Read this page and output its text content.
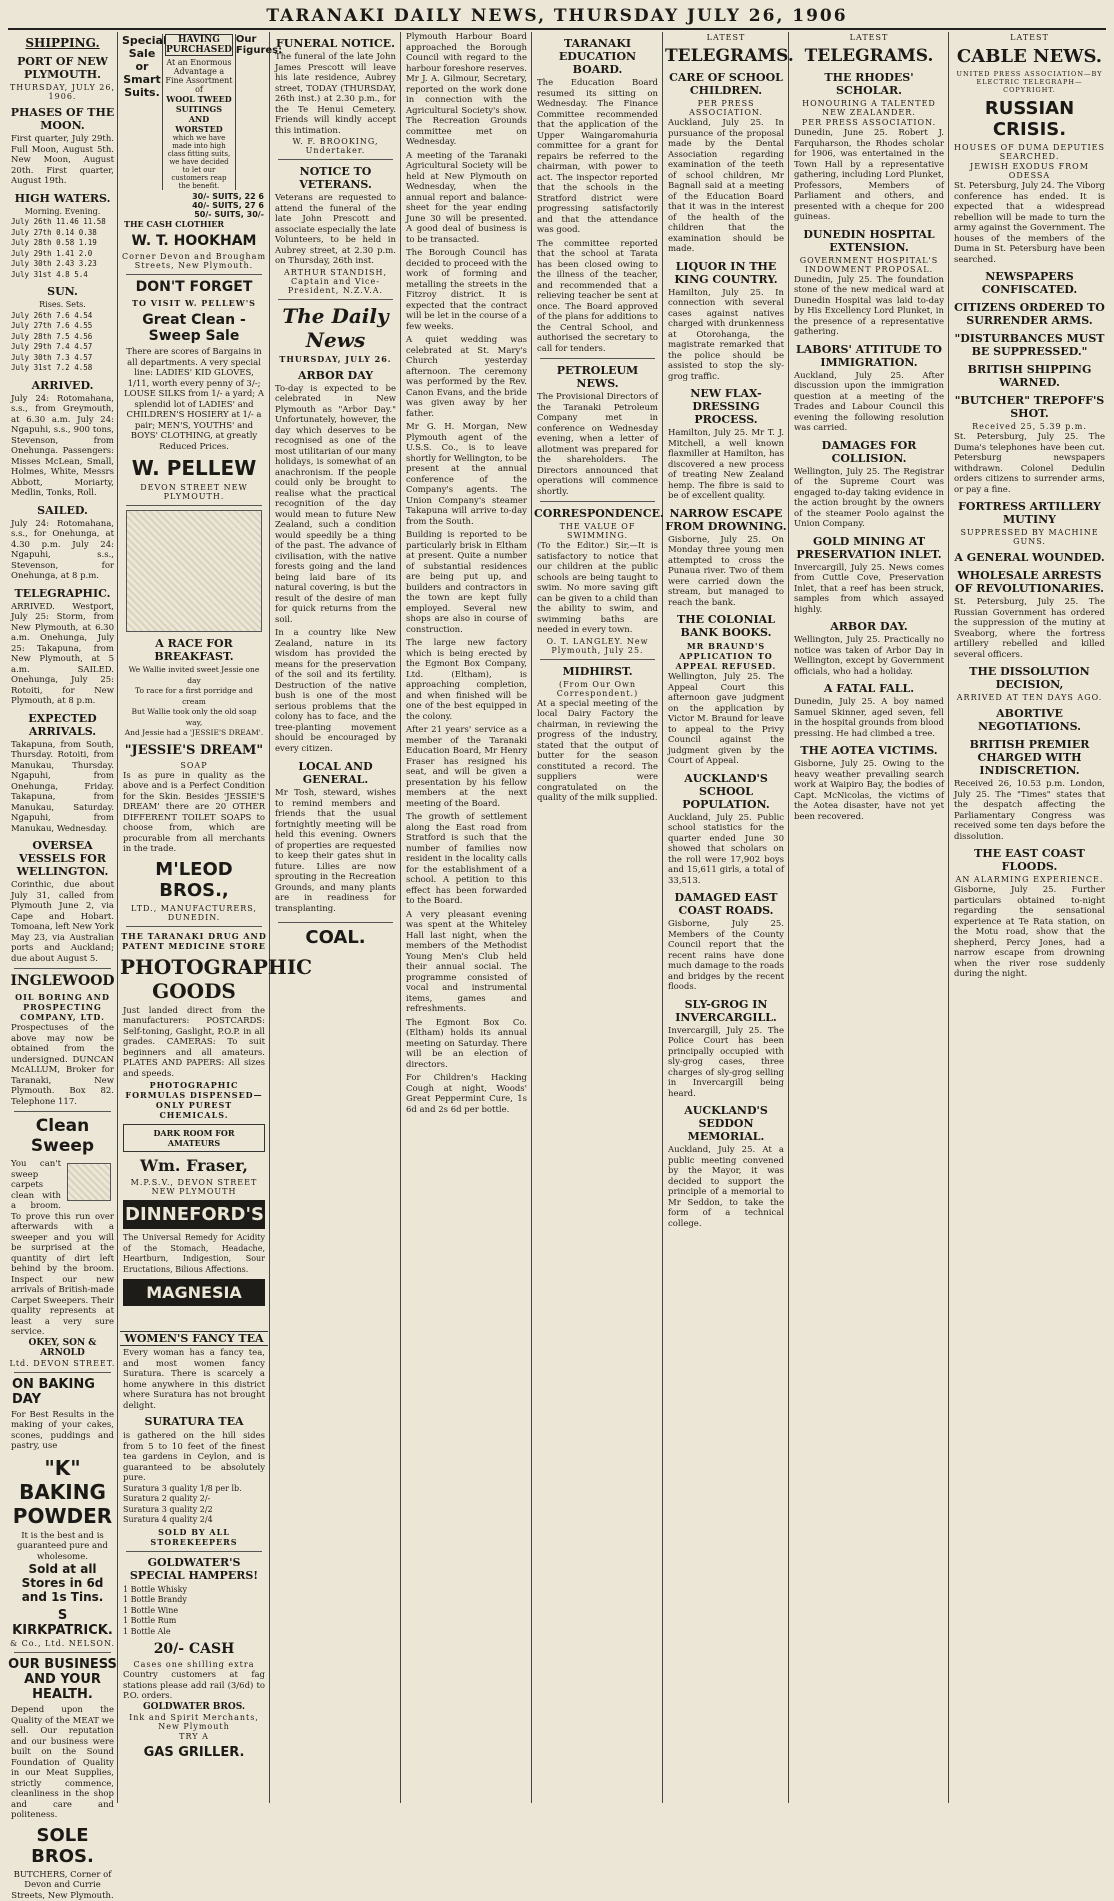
TARANAKI DAILY NEWS, THURSDAY JULY 26, 1906
SHIPPING.
PORT OF NEW PLYMOUTH.
THURSDAY, JULY 26, 1906.
PHASES OF THE MOON.
First quarter, July 29th. Full Moon, August 5th. New Moon, August 20th. First quarter, August 19th.
HIGH WATERS.
Morning. Evening.
July 26th 11.46 11.58
July 27th 0.14 0.38
July 28th 0.58 1.19
July 29th 1.41 2.0
July 30th 2.43 3.23
July 31st 4.8 5.4
SUN.
Rises. Sets.
July 26th 7.6 4.54
July 27th 7.6 4.55
July 28th 7.5 4.56
July 29th 7.4 4.57
July 30th 7.3 4.57
July 31st 7.2 4.58
ARRIVED.
July 24: Rotomahana, s.s., from Greymouth, at 6.30 a.m. July 24: Ngapuhi, s.s., 900 tons, Stevenson, from Onehunga. Passengers: Misses McLean, Small, Holmes, White, Messrs Abbott, Moriarty, Medlin, Tonks, Roll.
SAILED.
July 24: Rotomahana, s.s., for Onehunga, at 4.30 p.m. July 24: Ngapuhi, s.s., Stevenson, for Onehunga, at 8 p.m.
TELEGRAPHIC.
ARRIVED. Westport, July 25: Storm, from New Plymouth, at 6.30 a.m. Onehunga, July 25: Takapuna, from New Plymouth, at 5 a.m. SAILED. Onehunga, July 25: Rotoiti, for New Plymouth, at 8 p.m.
EXPECTED ARRIVALS.
Takapuna, from South, Thursday. Rotoiti, from Manukau, Thursday. Ngapuhi, from Onehunga, Friday. Takapuna, from Manukau, Saturday. Ngapuhi, from Manukau, Wednesday.
OVERSEA VESSELS FOR WELLINGTON.
Corinthic, due about July 31, called from Plymouth June 2, via Cape and Hobart. Tomoana, left New York May 23, via Australian ports and Auckland; due about August 5.
INGLEWOOD
OIL BORING AND PROSPECTING COMPANY, LTD.
Prospectuses of the above may now be obtained from the undersigned. DUNCAN McALLUM, Broker for Taranaki, New Plymouth. Box 82. Telephone 117.
Clean Sweep
You can't sweep carpets clean with a broom. To prove this run over afterwards with a sweeper and you will be surprised at the quantity of dirt left behind by the broom. Inspect our new arrivals of British-made Carpet Sweepers. Their quality represents at least a very sure service.
OKEY, SON & ARNOLD
Ltd. DEVON STREET.
ON BAKING DAY
For Best Results in the making of your cakes, scones, puddings and pastry, use
"K" BAKING POWDER
It is the best and is guaranteed pure and wholesome.
Sold at all Stores in 6d and 1s Tins.
S KIRKPATRICK.
& Co., Ltd. NELSON.
OUR BUSINESS AND YOUR HEALTH.
Depend upon the Quality of the MEAT we sell. Our reputation and our business were built on the Sound Foundation of Quality in our Meat Supplies, strictly commence, cleanliness in the shop and care and politeness.
SOLE BROS.
BUTCHERS, Corner of Devon and Currie Streets, New Plymouth.
Special Sale or Smart Suits.
HAVING PURCHASED
At an Enormous Advantage a Fine Assortment of
WOOL TWEED SUITINGS AND WORSTED
which we have made into high class fitting suits, we have decided to let our customers reap the benefit.
Our Figures:
30/- SUITS, 22 6
40/- SUITS, 27 6
50/- SUITS, 30/-
THE CASH CLOTHIER
W. T. HOOKHAM
Corner Devon and Brougham Streets, New Plymouth.
DON'T FORGET
TO VISIT W. PELLEW'S
Great Clean - Sweep Sale
There are scores of Bargains in all departments. A very special line: LADIES' KID GLOVES, 1/11, worth every penny of 3/-; LOUSE SILKS from 1/- a yard; A splendid lot of LADIES' and CHILDREN'S HOSIERY at 1/- a pair; MEN'S, YOUTHS' and BOYS' CLOTHING, at greatly Reduced Prices.
W. PELLEW
DEVON STREET NEW PLYMOUTH.
A RACE FOR BREAKFAST.
We Wallie invited sweet Jessie one day
To race for a first porridge and cream
But Wallie took only the old soap way,
And Jessie had a 'JESSIE'S DREAM'.
"JESSIE'S DREAM"
SOAP
Is as pure in quality as the above and is a Perfect Condition for the Skin. Besides 'JESSIE'S DREAM' there are 20 OTHER DIFFERENT TOILET SOAPS to choose from, which are procurable from all merchants in the trade.
M'LEOD BROS.,
LTD., MANUFACTURERS, DUNEDIN.
THE TARANAKI DRUG AND PATENT MEDICINE STORE
PHOTOGRAPHIC GOODS
Just landed direct from the manufacturers: POSTCARDS: Self-toning, Gaslight, P.O.P. in all grades. CAMERAS: To suit beginners and all amateurs. PLATES AND PAPERS: All sizes and speeds.
PHOTOGRAPHIC FORMULAS DISPENSED—ONLY PUREST CHEMICALS.
DARK ROOM FOR AMATEURS
Wm. Fraser,
M.P.S.V., DEVON STREET NEW PLYMOUTH
DINNEFORD'S
The Universal Remedy for Acidity of the Stomach, Headache, Heartburn, Indigestion, Sour Eructations, Bilious Affections.
MAGNESIA
WOMEN'S FANCY TEA
Every woman has a fancy tea, and most women fancy Suratura. There is scarcely a home anywhere in this district where Suratura has not brought delight.
SURATURA TEA
is gathered on the hill sides from 5 to 10 feet of the finest tea gardens in Ceylon, and is guaranteed to be absolutely pure.
Suratura 3 quality 1/8 per lb.
Suratura 2 quality 2/-
Suratura 3 quality 2/2
Suratura 4 quality 2/4
SOLD BY ALL STOREKEEPERS
GOLDWATER'S SPECIAL HAMPERS!
1 Bottle Whisky
1 Bottle Brandy
1 Bottle Wine
1 Bottle Rum
1 Bottle Ale
20/- CASH
Cases one shilling extra
Country customers at fag stations please add rail (3/6d) to P.O. orders.
GOLDWATER BROS.
Ink and Spirit Merchants, New Plymouth
TRY A
GAS GRILLER.
FUNERAL NOTICE.
The funeral of the late John James Prescott will leave his late residence, Aubrey street, TODAY (THURSDAY, 26th inst.) at 2.30 p.m., for the Te Henui Cemetery. Friends will kindly accept this intimation.
W. F. BROOKING, Undertaker.
NOTICE TO VETERANS.
Veterans are requested to attend the funeral of the late John Prescott and associate especially the late Volunteers, to be held in Aubrey street, at 2.30 p.m. on Thursday, 26th inst.
ARTHUR STANDISH, Captain and Vice-President, N.Z.V.A.
The Daily News
THURSDAY, JULY 26.
ARBOR DAY
To-day is expected to be celebrated in New Plymouth as "Arbor Day." Unfortunately, however, the day which deserves to be recognised as one of the most utilitarian of our many holidays, is somewhat of an anachronism. If the people could only be brought to realise what the practical recognition of the day would mean to future New Zealand, such a condition would speedily be a thing of the past. The advance of civilisation, with the native forests going and the land being laid bare of its natural covering, is but the result of the desire of man for quick returns from the soil.
In a country like New Zealand, nature in its wisdom has provided the means for the preservation of the soil and its fertility. Destruction of the native bush is one of the most serious problems that the colony has to face, and the tree-planting movement should be encouraged by every citizen.
LOCAL AND GENERAL.
Mr Tosh, steward, wishes to remind members and friends that the usual fortnightly meeting will be held this evening. Owners of properties are requested to keep their gates shut in future. Lilies are now sprouting in the Recreation Grounds, and many plants are in readiness for transplanting.
COAL.
Plymouth Harbour Board approached the Borough Council with regard to the harbour foreshore reserves. Mr J. A. Gilmour, Secretary, reported on the work done in connection with the Agricultural Society's show. The Recreation Grounds committee met on Wednesday.
A meeting of the Taranaki Agricultural Society will be held at New Plymouth on Wednesday, when the annual report and balance-sheet for the year ending June 30 will be presented. A good deal of business is to be transacted.
The Borough Council has decided to proceed with the work of forming and metalling the streets in the Fitzroy district. It is expected that the contract will be let in the course of a few weeks.
A quiet wedding was celebrated at St. Mary's Church yesterday afternoon. The ceremony was performed by the Rev. Canon Evans, and the bride was given away by her father.
Mr G. H. Morgan, New Plymouth agent of the U.S.S. Co., is to leave shortly for Wellington, to be present at the annual conference of the Company's agents. The Union Company's steamer Takapuna will arrive to-day from the South.
Building is reported to be particularly brisk in Eltham at present. Quite a number of substantial residences are being put up, and builders and contractors in the town are kept fully employed. Several new shops are also in course of construction.
The large new factory which is being erected by the Egmont Box Company, Ltd. (Eltham), is approaching completion, and when finished will be one of the best equipped in the colony.
After 21 years' service as a member of the Taranaki Education Board, Mr Henry Fraser has resigned his seat, and will be given a presentation by his fellow members at the next meeting of the Board.
The growth of settlement along the East road from Stratford is such that the number of families now resident in the locality calls for the establishment of a school. A petition to this effect has been forwarded to the Board.
A very pleasant evening was spent at the Whiteley Hall last night, when the members of the Methodist Young Men's Club held their annual social. The programme consisted of vocal and instrumental items, games and refreshments.
The Egmont Box Co. (Eltham) holds its annual meeting on Saturday. There will be an election of directors.
For Children's Hacking Cough at night, Woods' Great Peppermint Cure, 1s 6d and 2s 6d per bottle.
TARANAKI EDUCATION BOARD.
The Education Board resumed its sitting on Wednesday. The Finance Committee recommended that the application of the Upper Waingaromahuria committee for a grant for repairs be referred to the chairman, with power to act. The inspector reported that the schools in the Stratford district were progressing satisfactorily and that the attendance was good.
The committee reported that the school at Tarata has been closed owing to the illness of the teacher, and recommended that a relieving teacher be sent at once. The Board approved of the plans for additions to the Central School, and authorised the secretary to call for tenders.
PETROLEUM NEWS.
The Provisional Directors of the Taranaki Petroleum Company met in conference on Wednesday evening, when a letter of allotment was prepared for the shareholders. The Directors announced that operations will commence shortly.
CORRESPONDENCE.
THE VALUE OF SWIMMING.
(To the Editor.) Sir,—It is satisfactory to notice that our children at the public schools are being taught to swim. No more saving gift can be given to a child than the ability to swim, and swimming baths are needed in every town.
O. T. LANGLEY. New Plymouth, July 25.
MIDHIRST.
(From Our Own Correspondent.)
At a special meeting of the local Dairy Factory the chairman, in reviewing the progress of the industry, stated that the output of butter for the season constituted a record. The suppliers were congratulated on the quality of the milk supplied.
LATEST
TELEGRAMS.
CARE OF SCHOOL CHILDREN.
PER PRESS ASSOCIATION.
Auckland, July 25. In pursuance of the proposal made by the Dental Association regarding examination of the teeth of school children, Mr Bagnall said at a meeting of the Education Board that it was in the interest of the health of the children that the examination should be made.
LIQUOR IN THE KING COUNTRY.
Hamilton, July 25. In connection with several cases against natives charged with drunkenness at Otorohanga, the magistrate remarked that the police should be assisted to stop the sly-grog traffic.
NEW FLAX-DRESSING PROCESS.
Hamilton, July 25. Mr T. J. Mitchell, a well known flaxmiller at Hamilton, has discovered a new process of treating New Zealand hemp. The fibre is said to be of excellent quality.
NARROW ESCAPE FROM DROWNING.
Gisborne, July 25. On Monday three young men attempted to cross the Punaua river. Two of them were carried down the stream, but managed to reach the bank.
THE COLONIAL BANK BOOKS.
MR BRAUND'S APPLICATION TO APPEAL REFUSED.
Wellington, July 25. The Appeal Court this afternoon gave judgment on the application by Victor M. Braund for leave to appeal to the Privy Council against the judgment given by the Court of Appeal.
AUCKLAND'S SCHOOL POPULATION.
Auckland, July 25. Public school statistics for the quarter ended June 30 showed that scholars on the roll were 17,902 boys and 15,611 girls, a total of 33,513.
DAMAGED EAST COAST ROADS.
Gisborne, July 25. Members of the County Council report that the recent rains have done much damage to the roads and bridges by the recent floods.
SLY-GROG IN INVERCARGILL.
Invercargill, July 25. The Police Court has been principally occupied with sly-grog cases, three charges of sly-grog selling in Invercargill being heard.
AUCKLAND'S SEDDON MEMORIAL.
Auckland, July 25. At a public meeting convened by the Mayor, it was decided to support the principle of a memorial to Mr Seddon, to take the form of a technical college.
LATEST
TELEGRAMS.
THE RHODES' SCHOLAR.
HONOURING A TALENTED NEW ZEALANDER.
PER PRESS ASSOCIATION.
Dunedin, June 25. Robert J. Farquharson, the Rhodes scholar for 1906, was entertained in the Town Hall by a representative gathering, including Lord Plunket, Professors, Members of Parliament and others, and presented with a cheque for 200 guineas.
DUNEDIN HOSPITAL EXTENSION.
GOVERNMENT HOSPITAL'S INDOWMENT PROPOSAL.
Dunedin, July 25. The foundation stone of the new medical ward at Dunedin Hospital was laid to-day by His Excellency Lord Plunket, in the presence of a representative gathering.
LABORS' ATTITUDE TO IMMIGRATION.
Auckland, July 25. After discussion upon the immigration question at a meeting of the Trades and Labour Council this evening the following resolution was carried.
DAMAGES FOR COLLISION.
Wellington, July 25. The Registrar of the Supreme Court was engaged to-day taking evidence in the action brought by the owners of the steamer Poolo against the Union Company.
GOLD MINING AT PRESERVATION INLET.
Invercargill, July 25. News comes from Cuttle Cove, Preservation Inlet, that a reef has been struck, samples from which assayed highly.
ARBOR DAY.
Wellington, July 25. Practically no notice was taken of Arbor Day in Wellington, except by Government officials, who had a holiday.
A FATAL FALL.
Dunedin, July 25. A boy named Samuel Skinner, aged seven, fell in the hospital grounds from blood pressing. He had climbed a tree.
THE AOTEA VICTIMS.
Gisborne, July 25. Owing to the heavy weather prevailing search work at Waipiro Bay, the bodies of Capt. McNicolas, the victims of the Aotea disaster, have not yet been recovered.
LATEST
CABLE NEWS.
UNITED PRESS ASSOCIATION—BY ELECTRIC TELEGRAPH—COPYRIGHT.
RUSSIAN CRISIS.
HOUSES OF DUMA DEPUTIES SEARCHED.
JEWISH EXODUS FROM ODESSA
St. Petersburg, July 24. The Viborg conference has ended. It is expected that a widespread rebellion will be made to turn the army against the Government. The houses of the members of the Duma in St. Petersburg have been searched.
NEWSPAPERS CONFISCATED.
CITIZENS ORDERED TO SURRENDER ARMS.
"DISTURBANCES MUST BE SUPPRESSED."
BRITISH SHIPPING WARNED.
"BUTCHER" TREPOFF'S SHOT.
Received 25, 5.39 p.m.
St. Petersburg, July 25. The Duma's telephones have been cut. Petersburg newspapers withdrawn. Colonel Dedulin orders citizens to surrender arms, or pay a fine.
FORTRESS ARTILLERY MUTINY
SUPPRESSED BY MACHINE GUNS.
A GENERAL WOUNDED.
WHOLESALE ARRESTS OF REVOLUTIONARIES.
St. Petersburg, July 25. The Russian Government has ordered the suppression of the mutiny at Sveaborg, where the fortress artillery rebelled and killed several officers.
THE DISSOLUTION DECISION,
ARRIVED AT TEN DAYS AGO.
ABORTIVE NEGOTIATIONS.
BRITISH PREMIER CHARGED WITH INDISCRETION.
Received 26, 10.53 p.m. London, July 25. The "Times" states that the despatch affecting the Parliamentary Congress was received some ten days before the dissolution.
THE EAST COAST FLOODS.
AN ALARMING EXPERIENCE.
Gisborne, July 25. Further particulars obtained to-night regarding the sensational experience at Te Rata station, on the Motu road, show that the shepherd, Percy Jones, had a narrow escape from drowning when the river rose suddenly during the night.
